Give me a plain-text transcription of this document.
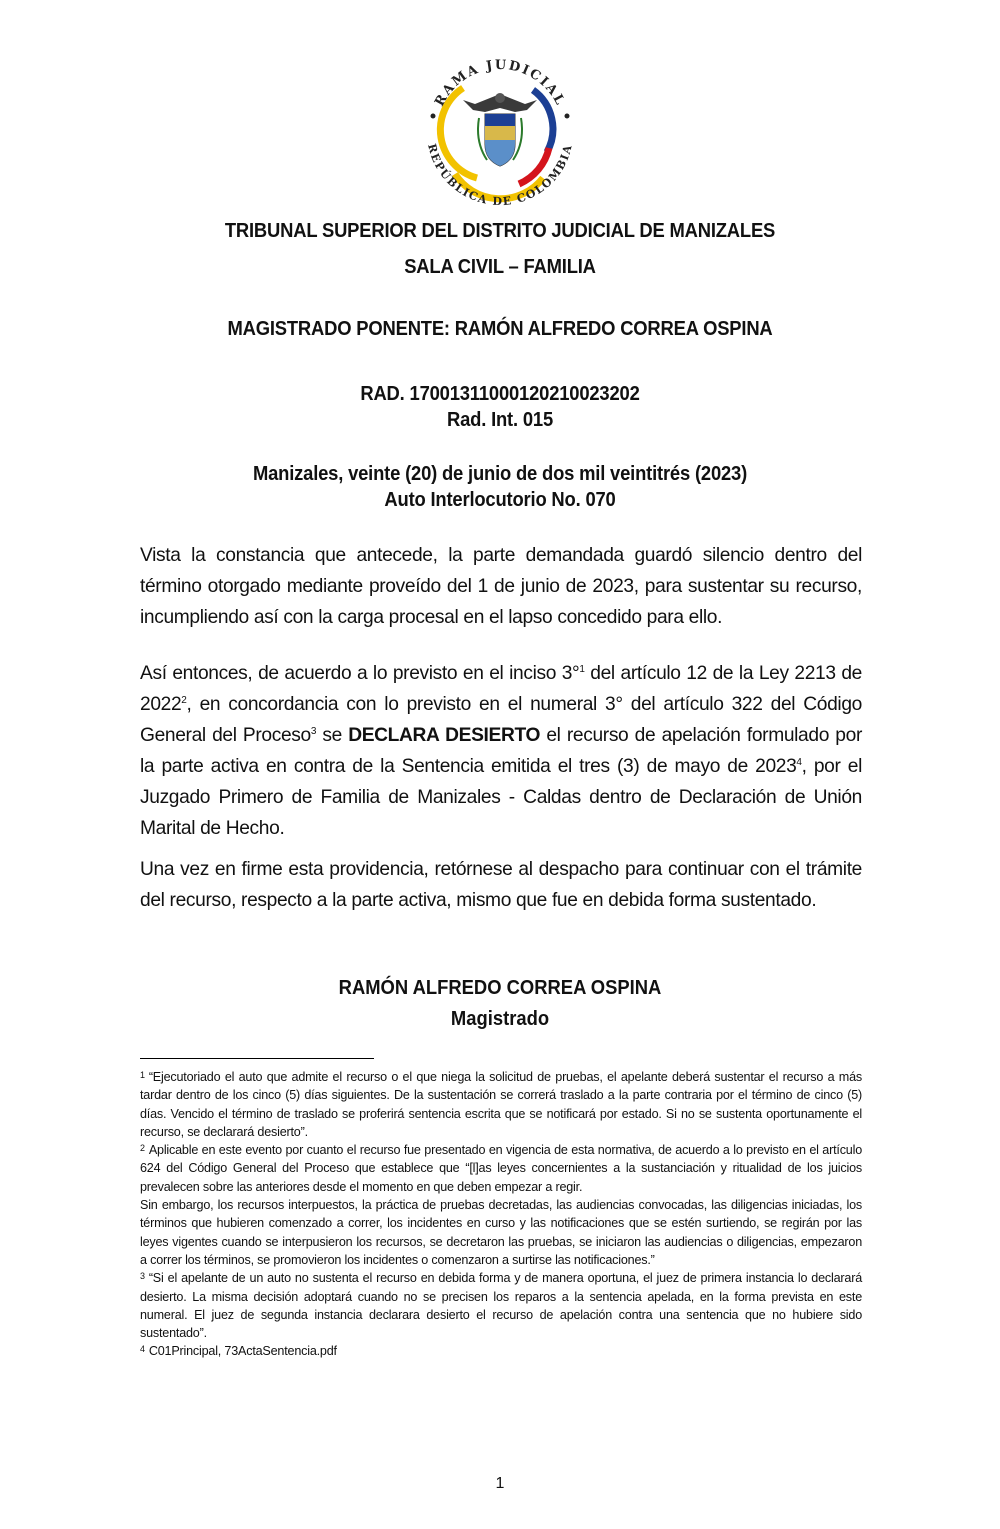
RAMA JUDICIAL
REPÚBLICA DE COLOMBIA
TRIBUNAL SUPERIOR DEL DISTRITO JUDICIAL DE MANIZALES
SALA CIVIL – FAMILIA
MAGISTRADO PONENTE: RAMÓN ALFREDO CORREA OSPINA
RAD. 17001311000120210023202
Rad. Int. 015
Manizales, veinte (20) de junio de dos mil veintitrés (2023)
Auto Interlocutorio No. 070
Vista la constancia que antecede, la parte demandada guardó silencio dentro del término otorgado mediante proveído del 1 de junio de 2023, para sustentar su recurso, incumpliendo así con la carga procesal en el lapso concedido para ello.
Así entonces, de acuerdo a lo previsto en el inciso 3°$^1$ del artículo 12 de la Ley 2213 de 2022$^2$, en concordancia con lo previsto en el numeral 3° del artículo 322 del Código General del Proceso$^3$ se DECLARA DESIERTO el recurso de apelación formulado por la parte activa en contra de la Sentencia emitida el tres (3) de mayo de 2023$^4$, por el Juzgado Primero de Familia de Manizales - Caldas dentro de Declaración de Unión Marital de Hecho.
Una vez en firme esta providencia, retórnese al despacho para continuar con el trámite del recurso, respecto a la parte activa, mismo que fue en debida forma sustentado.
RAMÓN ALFREDO CORREA OSPINA
Magistrado

$^1$ “Ejecutoriado el auto que admite el recurso o el que niega la solicitud de pruebas, el apelante deberá sustentar el recurso a más tardar dentro de los cinco (5) días siguientes. De la sustentación se correrá traslado a la parte contraria por el término de cinco (5) días. Vencido el término de traslado se proferirá sentencia escrita que se notificará por estado. Si no se sustenta oportunamente el recurso, se declarará desierto”.

$^2$ Aplicable en este evento por cuanto el recurso fue presentado en vigencia de esta normativa, de acuerdo a lo previsto en el artículo 624 del Código General del Proceso que establece que “[l]as leyes concernientes a la sustanciación y ritualidad de los juicios prevalecen sobre las anteriores desde el momento en que deben empezar a regir.

Sin embargo, los recursos interpuestos, la práctica de pruebas decretadas, las audiencias convocadas, las diligencias iniciadas, los términos que hubieren comenzado a correr, los incidentes en curso y las notificaciones que se estén surtiendo, se regirán por las leyes vigentes cuando se interpusieron los recursos, se decretaron las pruebas, se iniciaron las audiencias o diligencias, empezaron a correr los términos, se promovieron los incidentes o comenzaron a surtirse las notificaciones.”

$^3$ “Si el apelante de un auto no sustenta el recurso en debida forma y de manera oportuna, el juez de primera instancia lo declarará desierto. La misma decisión adoptará cuando no se precisen los reparos a la sentencia apelada, en la forma prevista en este numeral. El juez de segunda instancia declarara desierto el recurso de apelación contra una sentencia que no hubiere sido sustentado”.

$^4$ C01Principal, 73ActaSentencia.pdf

1
